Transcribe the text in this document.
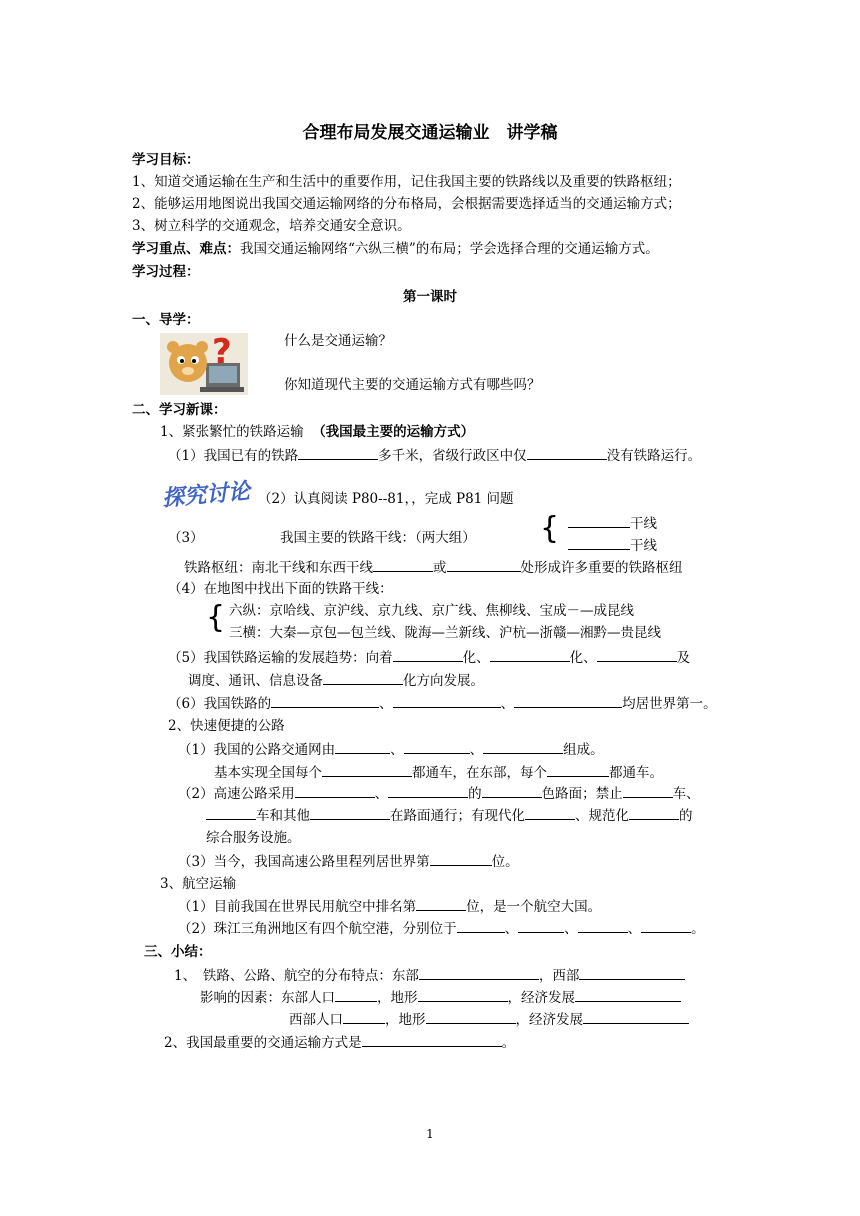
合理布局发展交通运输业　讲学稿
学习目标：
1、知道交通运输在生产和生活中的重要作用，记住我国主要的铁路线以及重要的铁路枢纽；
2、能够运用地图说出我国交通运输网络的分布格局，会根据需要选择适当的交通运输方式；
3、树立科学的交通观念，培养交通安全意识。
学习重点、难点：我国交通运输网络“六纵三横”的布局；学会选择合理的交通运输方式。
学习过程：
第一课时
一、导学：
?	什么是交通运输？
你知道现代主要的交通运输方式有哪些吗？
二、学习新课：
1、紧张繁忙的铁路运输 （我国最主要的运输方式）
（1）我国已有的铁路	多千米，省级行政区中仅	没有铁路运行。
探究讨论 （2）认真阅读 P80--81，，完成 P81 问题
（3）	我国主要的铁路干线：（两大组） {	干线
干线
铁路枢纽：南北干线和东西干线	或	处形成许多重要的铁路枢纽
（4）在地图中找出下面的铁路干线：
{ 六纵：京哈线、京沪线、京九线、京广线、焦柳线、宝成－—成昆线
三横：大秦—京包—包兰线、陇海—兰新线、沪杭—浙赣—湘黔—贵昆线
（5）我国铁路运输的发展趋势：向着	化、	化、	及
调度、通讯、信息设备	化方向发展。
（6）我国铁路的	、	、	均居世界第一。
2、快速便捷的公路
（1）我国的公路交通网由	、	、	组成。
基本实现全国每个	都通车，在东部，每个	都通车。
（2）高速公路采用	、	的	色路面；禁止	车、
车和其他	在路面通行；有现代化	、规范化	的
综合服务设施。
（3）当今，我国高速公路里程列居世界第	位。
3、航空运输
（1）目前我国在世界民用航空中排名第	位，是一个航空大国。
（2）珠江三角洲地区有四个航空港，分别位于	、	、	、	。
三、小结：
1、　铁路、公路、航空的分布特点：东部	，西部
影响的因素：东部人口	，地形	，经济发展
西部人口	，地形	，经济发展
2、我国最重要的交通运输方式是	。
1
